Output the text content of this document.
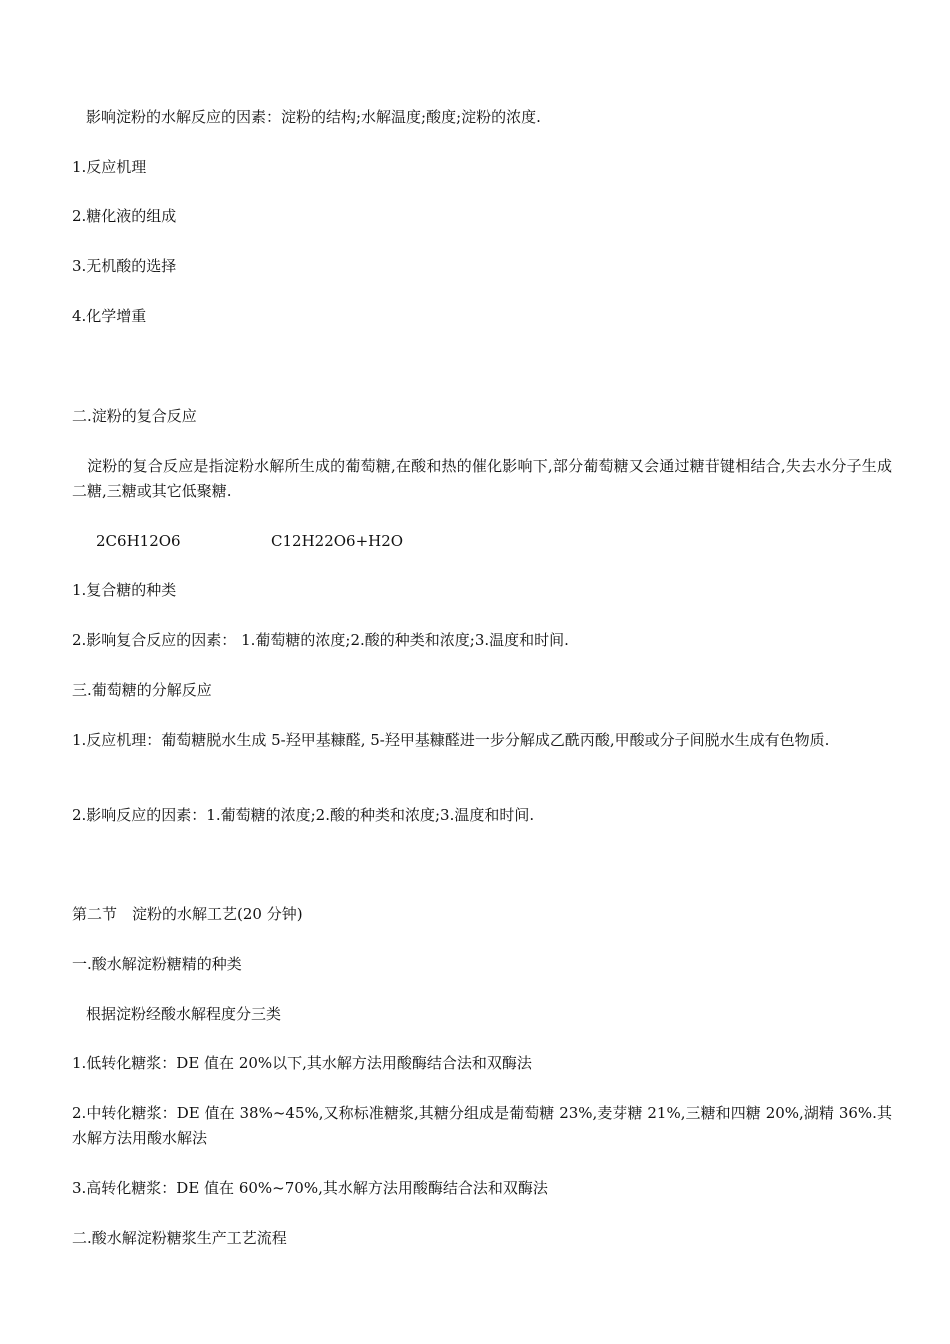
影响淀粉的水解反应的因素：淀粉的结构;水解温度;酸度;淀粉的浓度.
1.反应机理
2.糖化液的组成
3.无机酸的选择
4.化学增重
二.淀粉的复合反应
淀粉的复合反应是指淀粉水解所生成的葡萄糖,在酸和热的催化影响下,部分葡萄糖又会通过糖苷键相结合,失去水分子生成二糖,三糖或其它低聚糖.
2C6H12O6	C12H22O6+H2O
1.复合糖的种类
2.影响复合反应的因素： 1.葡萄糖的浓度;2.酸的种类和浓度;3.温度和时间.
三.葡萄糖的分解反应
1.反应机理：葡萄糖脱水生成 5-羟甲基糠醛, 5-羟甲基糠醛进一步分解成乙酰丙酸,甲酸或分子间脱水生成有色物质.
2.影响反应的因素：1.葡萄糖的浓度;2.酸的种类和浓度;3.温度和时间.
第二节　淀粉的水解工艺(20 分钟)
一.酸水解淀粉糖精的种类
根据淀粉经酸水解程度分三类
1.低转化糖浆：DE 值在 20%以下,其水解方法用酸酶结合法和双酶法
2.中转化糖浆：DE 值在 38%~45%,又称标准糖浆,其糖分组成是葡萄糖 23%,麦芽糖 21%,三糖和四糖 20%,湖精 36%.其水解方法用酸水解法
3.高转化糖浆：DE 值在 60%~70%,其水解方法用酸酶结合法和双酶法
二.酸水解淀粉糖浆生产工艺流程
